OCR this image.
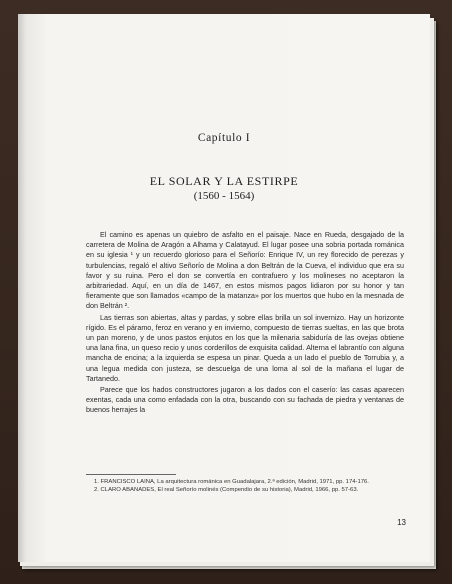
Capítulo I
EL SOLAR Y LA ESTIRPE
(1560 - 1564)

El camino es apenas un quiebro de asfalto en el paisaje. Nace en Rueda, desgajado de la carretera de Molina de Aragón a Alhama y Calatayud. El lugar posee una sobria portada románica en su iglesia ¹ y un recuerdo glorioso para el Señorío: Enrique IV, un rey florecido de perezas y turbulencias, regaló el altivo Señorío de Molina a don Beltrán de la Cueva, el individuo que era su favor y su ruina. Pero el don se convertía en contrafuero y los molineses no aceptaron la arbitrariedad. Aquí, en un día de 1467, en estos mismos pagos lidiaron por su honor y tan fieramente que son llamados «campo de la matanza» por los muertos que hubo en la mesnada de don Beltrán ².

Las tierras son abiertas, altas y pardas, y sobre ellas brilla un sol invernizo. Hay un horizonte rígido. Es el páramo, feroz en verano y en invierno, compuesto de tierras sueltas, en las que brota un pan moreno, y de unos pastos enjutos en los que la milenaria sabiduría de las ovejas obtiene una lana fina, un queso recio y unos corderillos de exquisita calidad. Alterna el labrantío con alguna mancha de encina; a la izquierda se espesa un pinar. Queda a un lado el pueblo de Torrubia y, a una legua medida con justeza, se descuelga de una loma al sol de la mañana el lugar de Tartanedo.

Parece que los hados constructores jugaron a los dados con el caserío: las casas aparecen exentas, cada una como enfadada con la otra, buscando con su fachada de piedra y ventanas de buenos herrajes la

1. FRANCISCO LAINA, La arquitectura románica en Guadalajara, 2.ª edición, Madrid, 1971, pp. 174-176.

2. CLARO ABANADES, El real Señorío molinés (Compendio de su historia), Madrid, 1966, pp. 57-63.

13
